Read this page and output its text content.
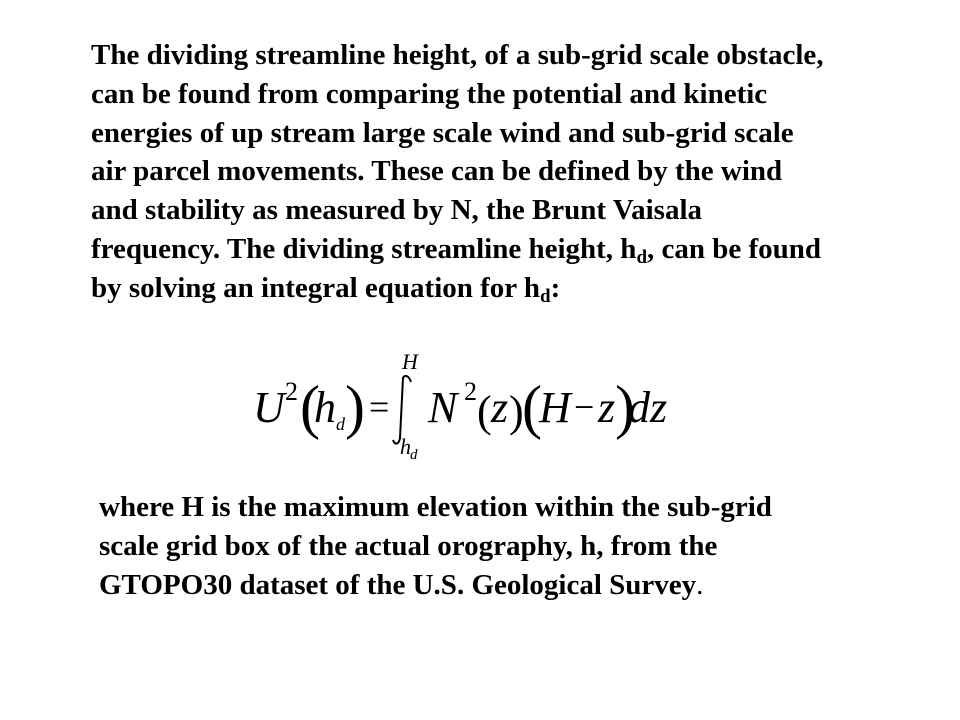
The dividing streamline height, of a sub-grid scale obstacle,
can be found from comparing the potential and kinetic
energies of up stream large scale wind and sub-grid scale
air parcel movements. These can be defined by the wind
and stability as measured by N, the Brunt Vaisala
frequency. The dividing streamline height, $h_d$, can be found
by solving an integral equation for $h_d$:
U 2 (
h d ) =
H
h d
N 2 ( z )
(
H − z )
dz
where H is the maximum elevation within the sub-grid
scale grid box of the actual orography, h, from the
GTOPO30 dataset of the U.S. Geological Survey.
